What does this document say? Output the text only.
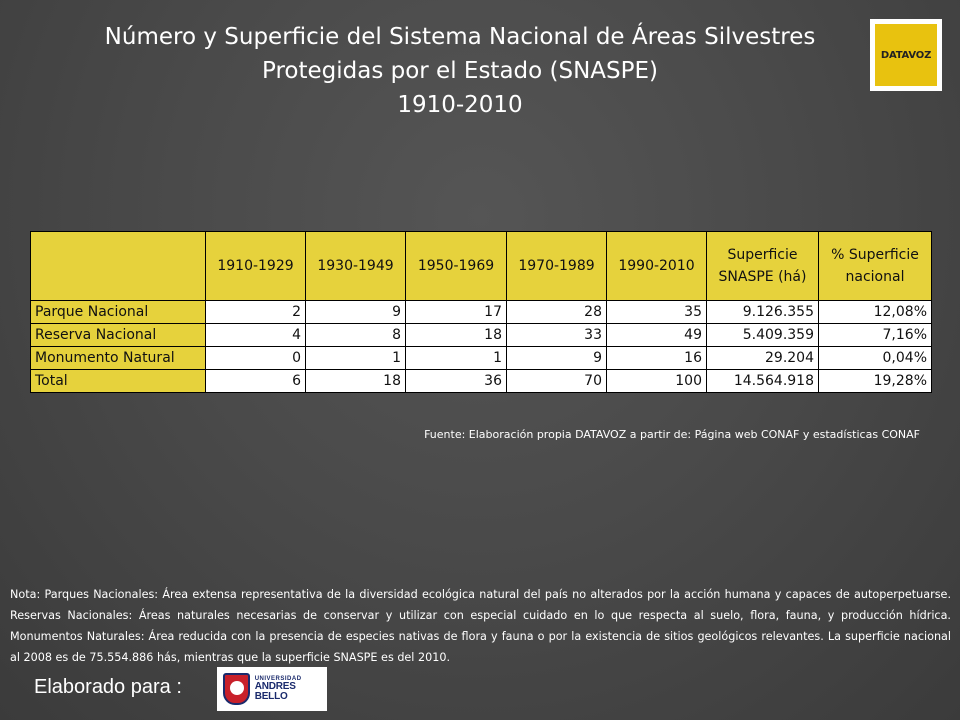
Número y Superficie del Sistema Nacional de Áreas Silvestres
Protegidas por el Estado (SNASPE)
1910-2010
DATAVOZ
	1910-1929	1930-1949	1950-1969	1970-1989	1990-2010	Superficie SNASPE (há)	% Superficie nacional
Parque Nacional	2	9	17	28	35	9.126.355	12,08%
Reserva Nacional	4	8	18	33	49	5.409.359	7,16%
Monumento Natural	0	1	1	9	16	29.204	0,04%
Total	6	18	36	70	100	14.564.918	19,28%
Fuente: Elaboración propia DATAVOZ a partir de: Página web CONAF y estadísticas CONAF
Nota: Parques Nacionales: Área extensa representativa de la diversidad ecológica natural del país no alterados por la acción humana y capaces de autoperpetuarse. Reservas Nacionales: Áreas naturales necesarias de conservar y utilizar con especial cuidado en lo que respecta al suelo, flora, fauna, y producción hídrica. Monumentos Naturales: Área reducida con la presencia de especies nativas de flora y fauna o por la existencia de sitios geológicos relevantes. La superficie nacional al 2008 es de 75.554.886 hás, mientras que la superficie SNASPE es del 2010.
Elaborado para :	UNIVERSIDAD
ANDRES BELLO
